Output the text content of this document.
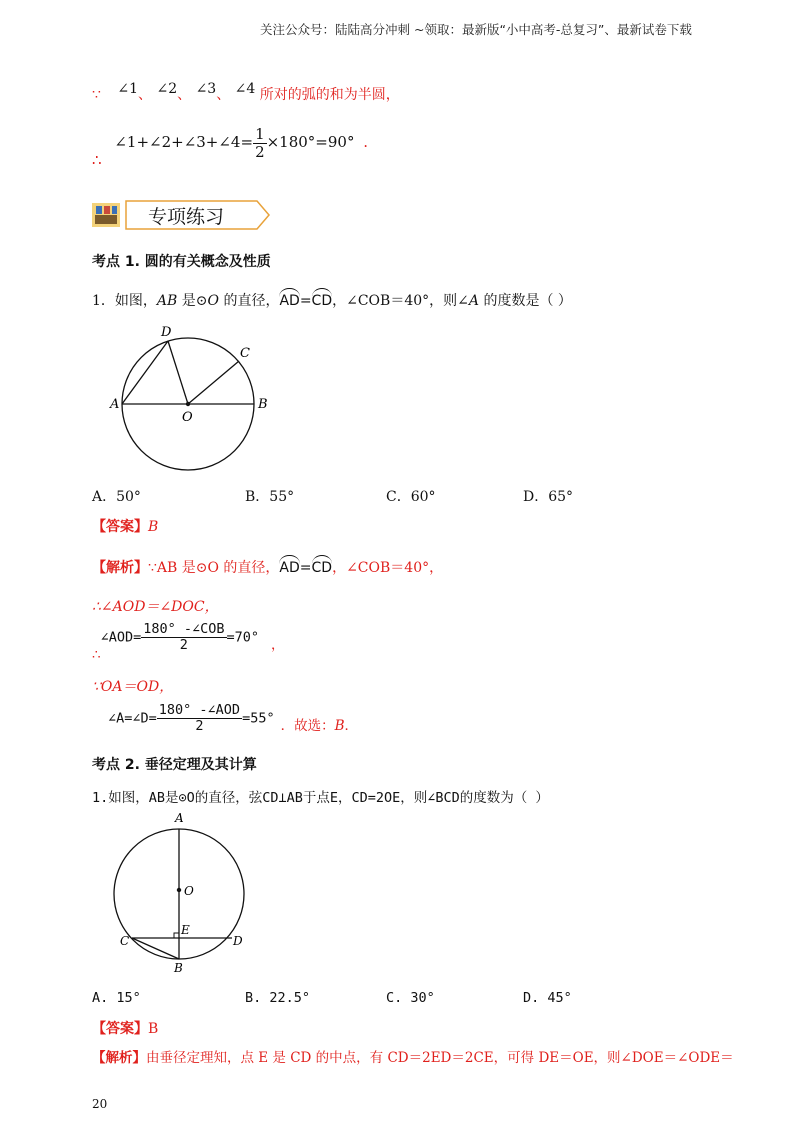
关注公众号：陆陆高分冲刺 ~领取：最新版“小中高考-总复习”、最新试卷下载
∵ ∠1、 ∠2、 ∠3、 ∠4 所对的弧的和为半圆，
∴ ∠1+∠2+∠3+∠4= $\frac{1}{2} \times 180^\circ=90^\circ$ .
专项练习
考点 1. 圆的有关概念及性质
1．如图，AB 是⊙O 的直径，AD=CD，∠COB＝40°，则∠A 的度数是（ ）
A	B
C
D
O
A．50°	B．55°	C．60°	D．65°
【答案】B
【解析】∵AB 是⊙O 的直径，AD=CD，∠COB＝40°，
∴∠AOD＝∠DOC，
∴∠AOD= $\frac{\text{180° -∠COB}}{2} =70^\circ$ ，
∵OA＝OD，
∠A=∠D= $\frac{\text{180° -∠AOD}}{2} =55^\circ$ ．故选：B．
考点 2. 垂径定理及其计算
1.如图，AB是⊙O的直径，弦CD⊥AB于点E，CD=2OE，则∠BCD的度数为（ ）
A
O
E
C	D
B
A. 15°	B. 22.5°	C. 30°	D. 45°
【答案】B
【解析】由垂径定理知，点 E 是 CD 的中点，有 CD＝2ED＝2CE，可得 DE＝OE，则∠DOE＝∠ODE＝
20
